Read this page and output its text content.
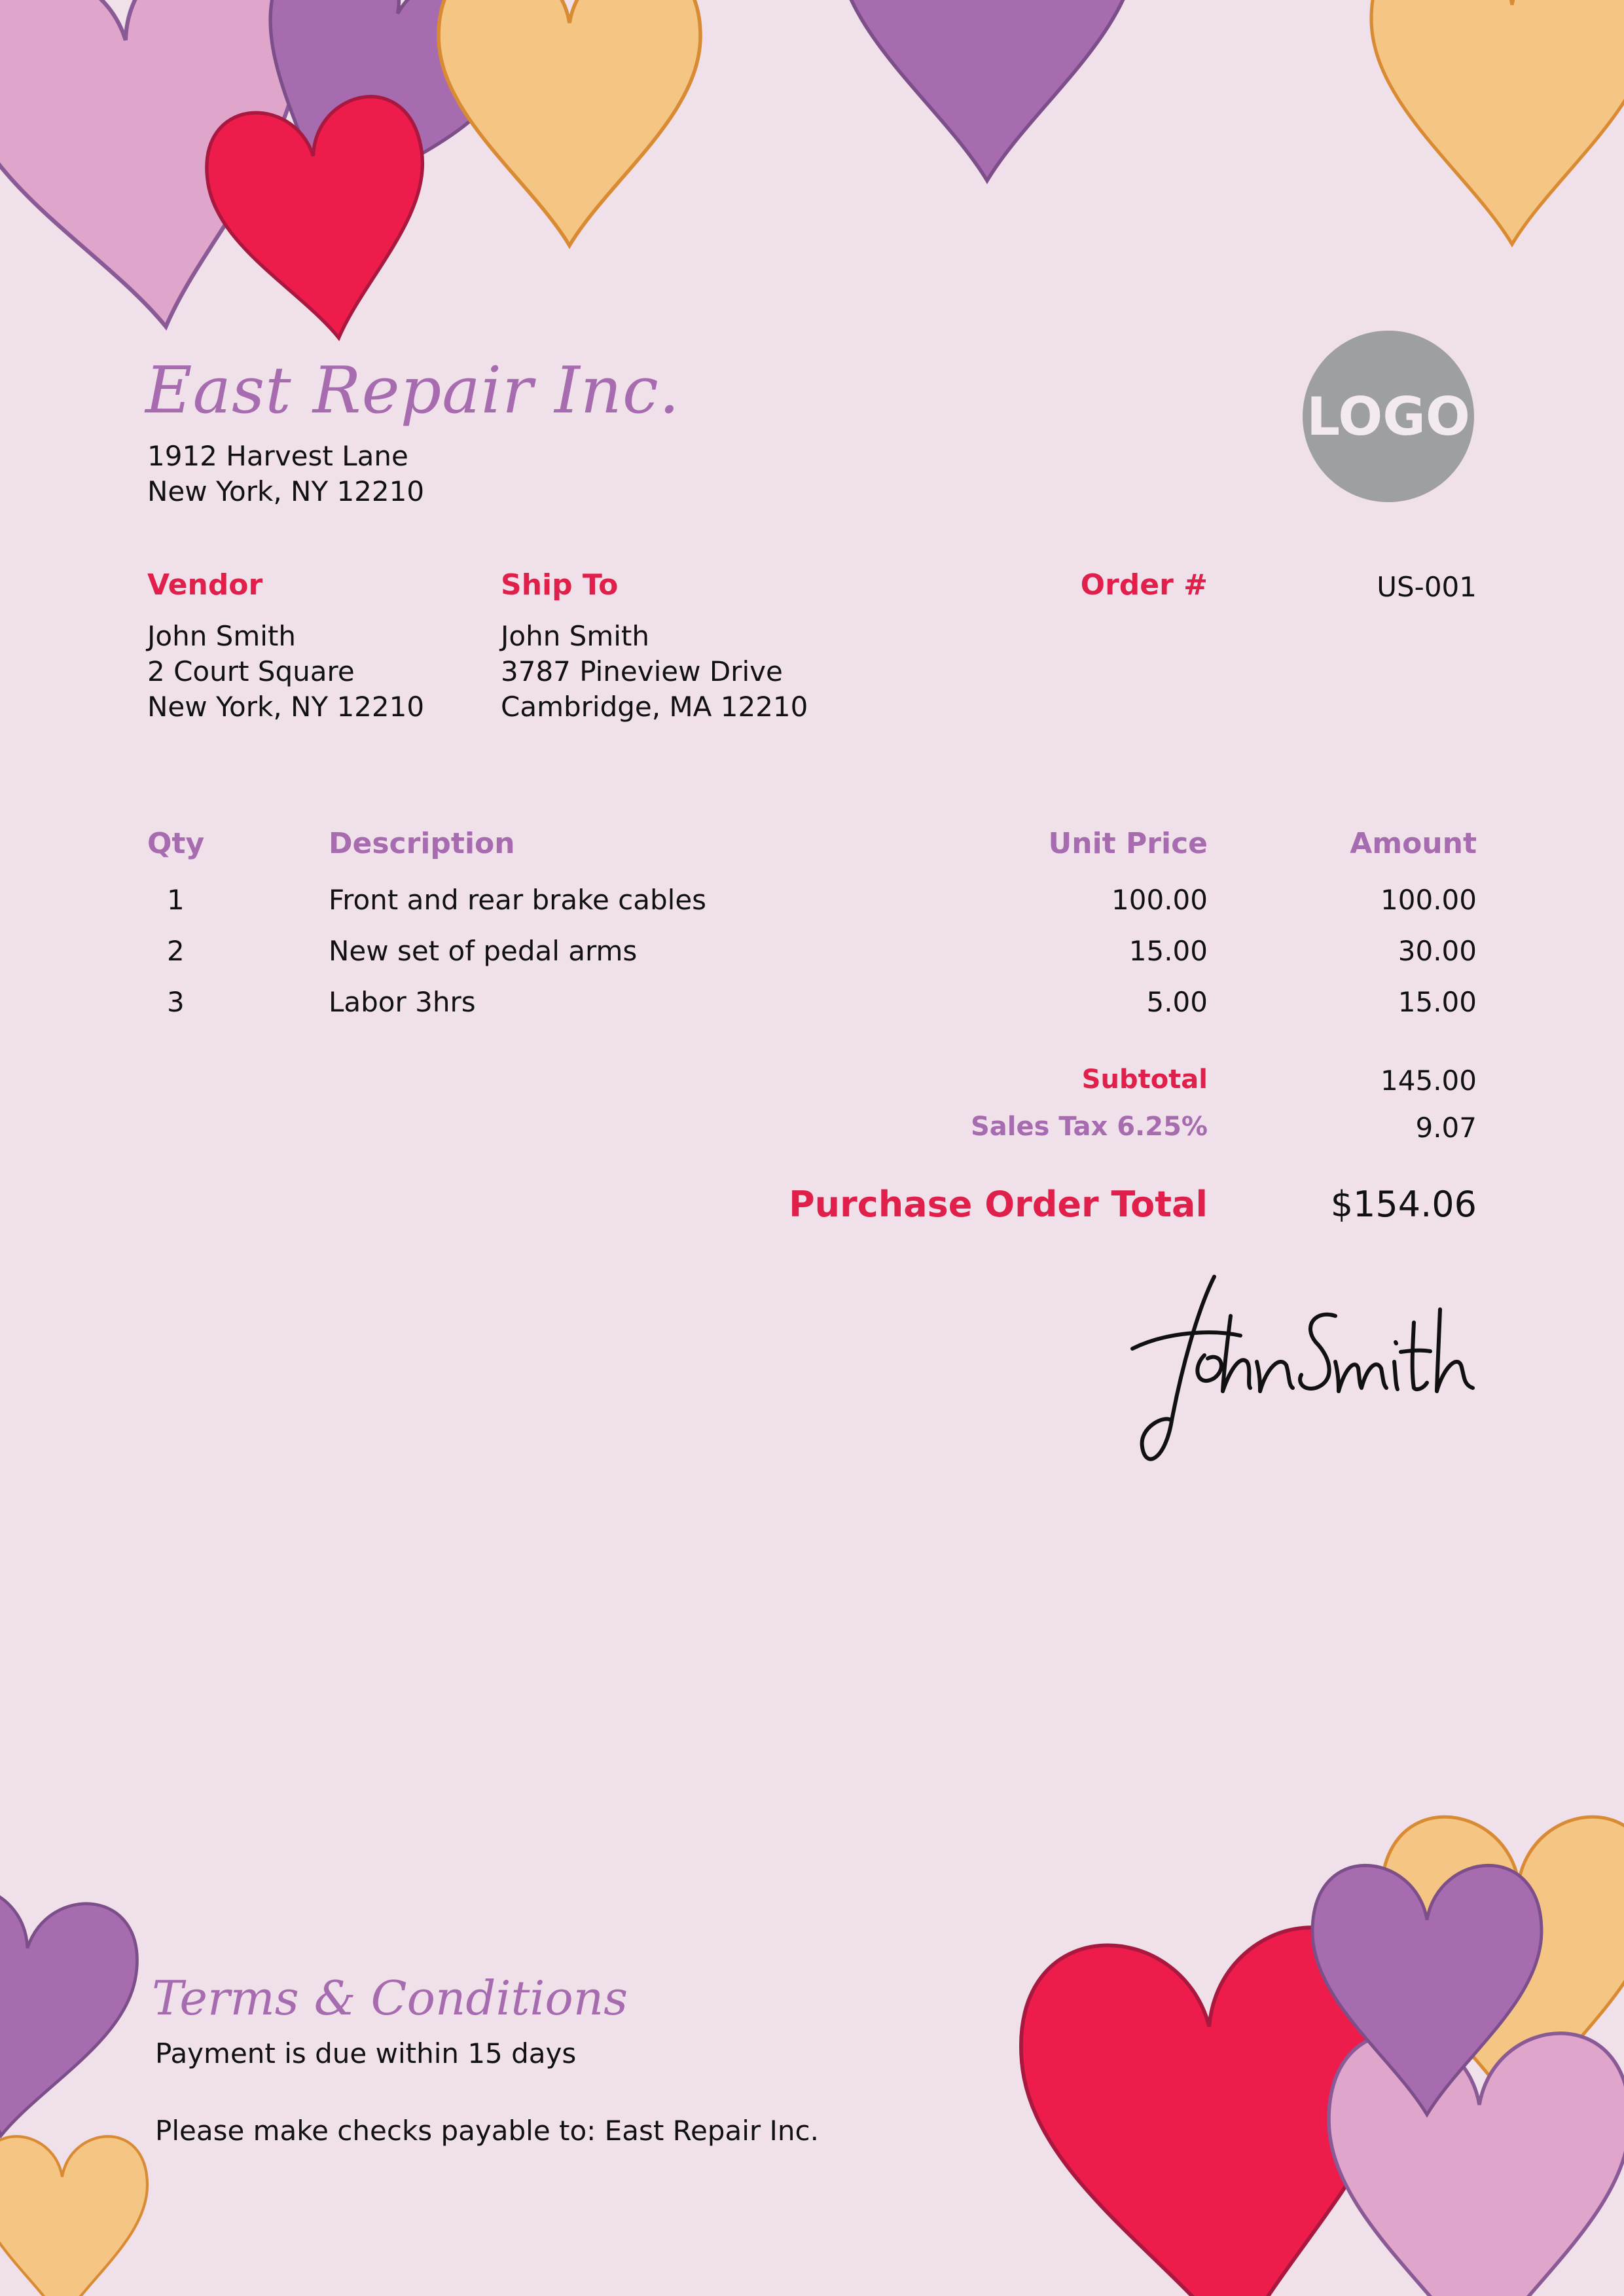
East Repair Inc.
1912 Harvest Lane
New York, NY 12210
LOGO
Vendor
John Smith
2 Court Square
New York, NY 12210
Ship To
John Smith
3787 Pineview Drive
Cambridge, MA 12210
Order #	US-001
Qty	Description	Unit Price	Amount
1	Front and rear brake cables	100.00	100.00
2	New set of pedal arms	15.00	30.00
3	Labor 3hrs	5.00	15.00
Subtotal	145.00
Sales Tax 6.25%	9.07
Purchase Order Total	$154.06
Terms & Conditions
Payment is due within 15 days
Please make checks payable to: East Repair Inc.
